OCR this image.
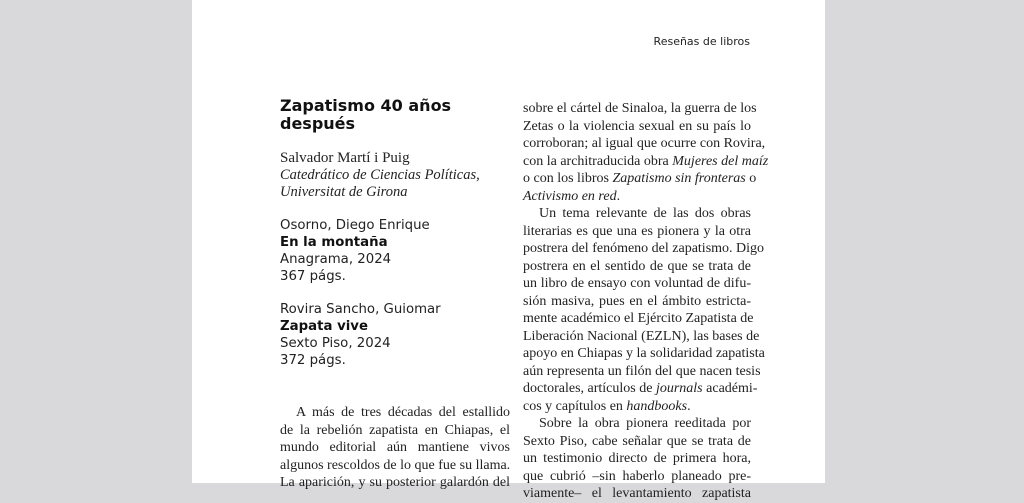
Reseñas de libros
Zapatismo 40 años
después
Salvador Martí i Puig
Catedrático de Ciencias Políticas,
Universitat de Girona
Osorno, Diego Enrique
En la montaña
Anagrama, 2024
367 págs.
Rovira Sancho, Guiomar
Zapata vive
Sexto Piso, 2024
372 págs.

A más de tres décadas del estallido
de la rebelión zapatista en Chiapas, el
mundo editorial aún mantiene vivos
algunos rescoldos de lo que fue su llama.
La aparición, y su posterior galardón del

sobre el cártel de Sinaloa, la guerra de los
Zetas o la violencia sexual en su país lo
corroboran; al igual que ocurre con Rovira,
con la architraducida obra Mujeres del maíz
o con los libros Zapatismo sin fronteras o
Activismo en red.

Un tema relevante de las dos obras
literarias es que una es pionera y la otra
postrera del fenómeno del zapatismo. Digo
postrera en el sentido de que se trata de
un libro de ensayo con voluntad de difu-
sión masiva, pues en el ámbito estricta-
mente académico el Ejército Zapatista de
Liberación Nacional (EZLN), las bases de
apoyo en Chiapas y la solidaridad zapatista
aún representa un filón del que nacen tesis
doctorales, artículos de journals académi-
cos y capítulos en handbooks.

Sobre la obra pionera reeditada por
Sexto Piso, cabe señalar que se trata de
un testimonio directo de primera hora,
que cubrió –sin haberlo planeado pre-
viamente– el levantamiento zapatista
